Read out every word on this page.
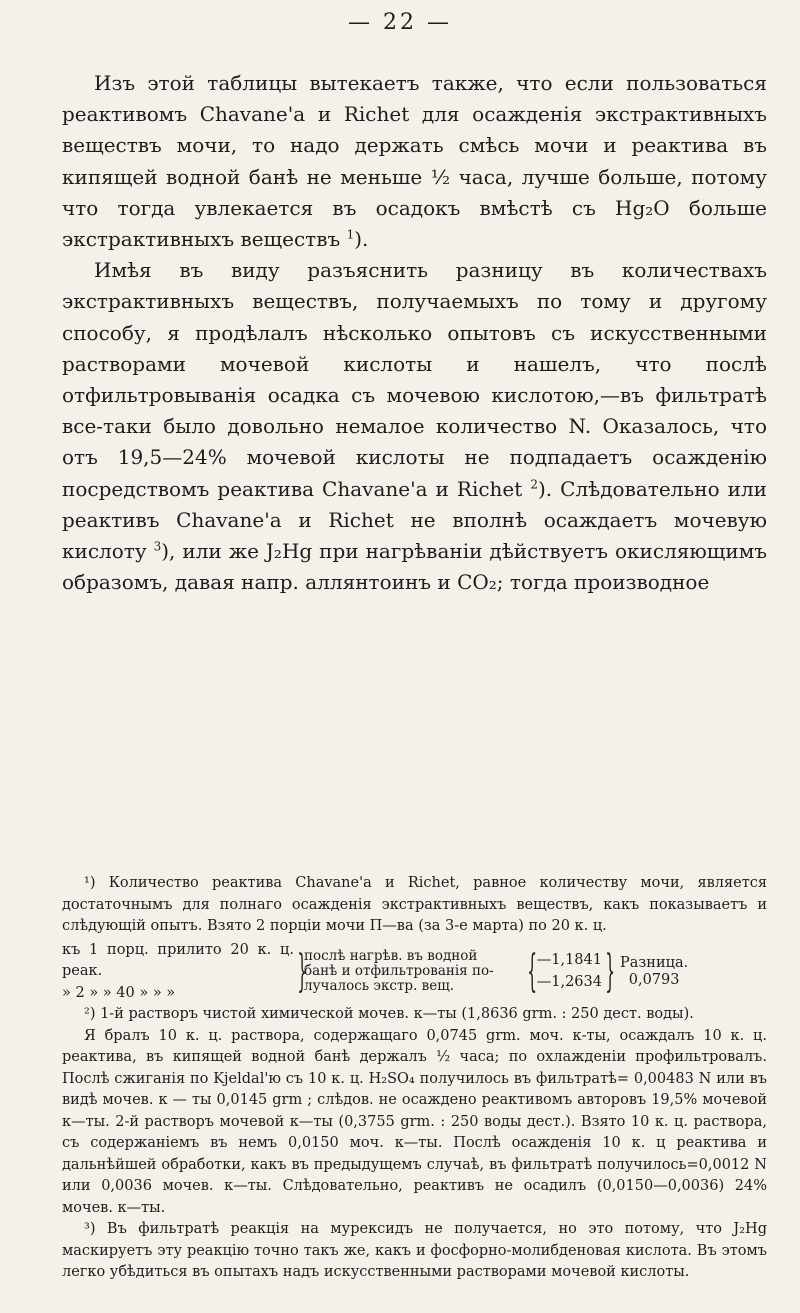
— 22 —

Изъ этой таблицы вытекаетъ также, что если пользоваться реактивомъ Chavane'a и Richet для осажденія экстрактивныхъ веществъ мочи, то надо держать смѣсь мочи и реактива въ кипящей водной банѣ не меньше ½ часа, лучше больше, потому что тогда увлекается въ осадокъ вмѣстѣ съ Hg₂O больше экстрактивныхъ веществъ $^1$).

Имѣя въ виду разъяснить разницу въ количествахъ экстрактивныхъ веществъ, получаемыхъ по тому и другому способу, я продѣлалъ нѣсколько опытовъ съ искусственными растворами мочевой кислоты и нашелъ, что послѣ отфильтровыванія осадка съ мочевою кислотою,—въ фильтратѣ все-таки было довольно немалое количество N. Оказалось, что отъ 19,5—24% мочевой кислоты не подпадаетъ осажденію посредствомъ реактива Chavane'a и Richet $^2$). Слѣдовательно или реактивъ Chavane'a и Richet не вполнѣ осаждаетъ мочевую кислоту $^3$), или же J₂Hg при нагрѣваніи дѣйствуетъ окисляющимъ образомъ, давая напр. аллянтоинъ и CO₂; тогда производное

¹) Количество реактива Chavane'a и Richet, равное количеству мочи, является достаточнымъ для полнаго осажденія экстрактивныхъ веществъ, какъ показываетъ и слѣдующій опытъ. Взято 2 порціи мочи П—ва (за 3-е марта) по 20 к. ц.

къ 1 порц. прилито 20 к. ц. реак.
» 2 » » 40 » » »	}
послѣ нагрѣв. въ водной
банѣ и отфильтрованія по-
лучалось экстр. вещ.	{ —1,1841
—1,2634 } Разница.
0,0793

²) 1-й растворъ чистой химической мочев. к—ты (1,8636 grm. : 250 дест. воды).

Я бралъ 10 к. ц. раствора, содержащаго 0,0745 grm. моч. к-ты, осаждалъ 10 к. ц. реактива, въ кипящей водной банѣ держалъ ½ часа; по охлажденіи профильтровалъ. Послѣ сжиганія по Kjeldal'ю съ 10 к. ц. H₂SO₄ получилось въ фильтратѣ= 0,00483 N или въ видѣ мочев. к — ты 0,0145 grm ; слѣдов. не осаждено реактивомъ авторовъ 19,5% мочевой к—ты. 2-й растворъ мочевой к—ты (0,3755 grm. : 250 воды дест.). Взято 10 к. ц. раствора, съ содержаніемъ въ немъ 0,0150 моч. к—ты. Послѣ осажденія 10 к. ц реактива и дальнѣйшей обработки, какъ въ предыдущемъ случаѣ, въ фильтратѣ получилось=0,0012 N или 0,0036 мочев. к—ты. Слѣдовательно, реактивъ не осадилъ (0,0150—0,0036) 24% мочев. к—ты.

³) Въ фильтратѣ реакція на мурексидъ не получается, но это потому, что J₂Hg маскируетъ эту реакцію точно такъ же, какъ и фосфорно-молибденовая кислота. Въ этомъ легко убѣдиться въ опытахъ надъ искусственными растворами мочевой кислоты.
